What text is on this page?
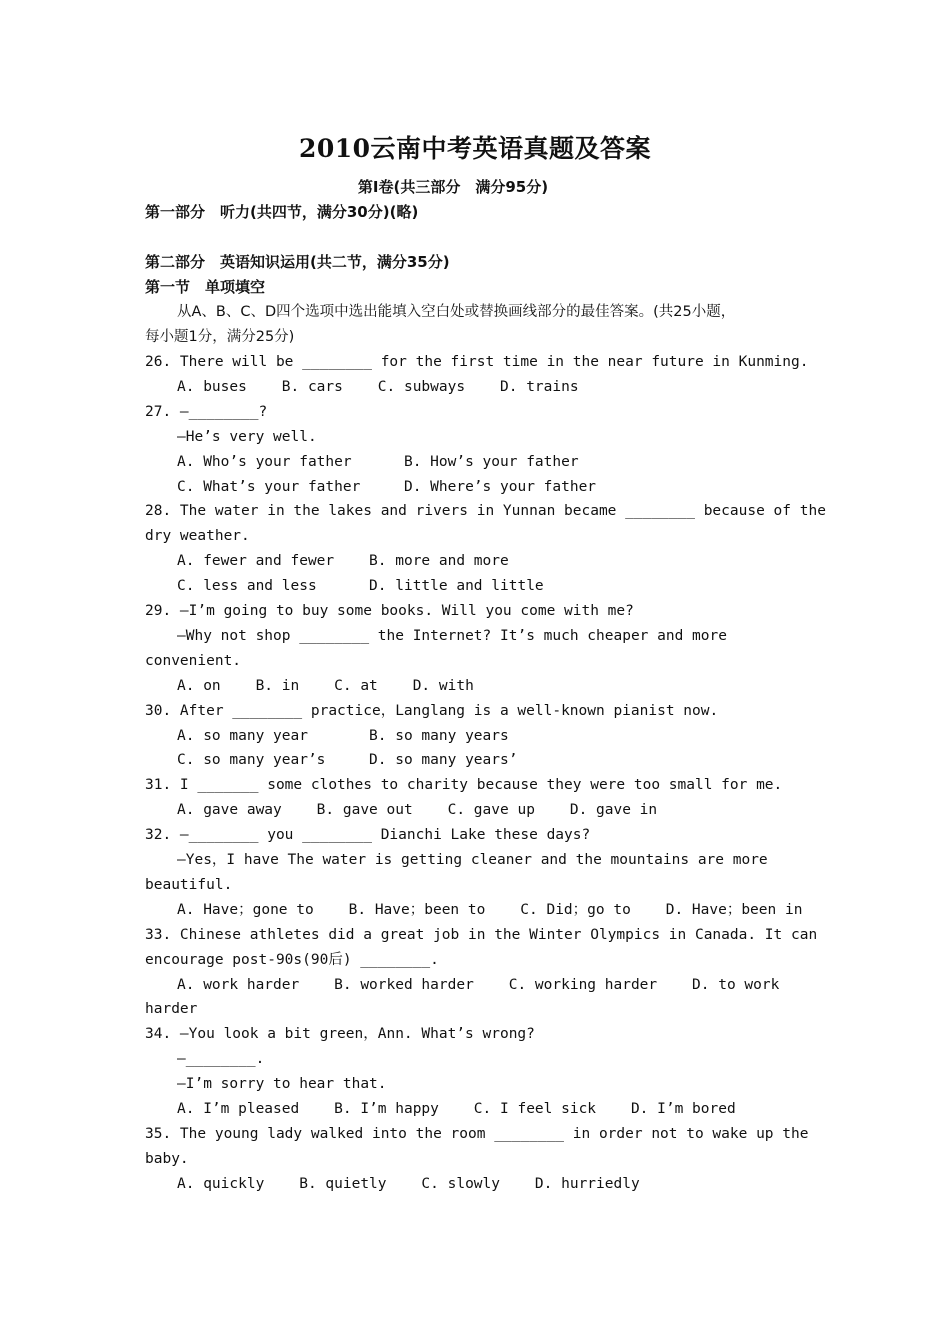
2010云南中考英语真题及答案
第Ⅰ卷(共三部分　满分95分)
第一部分　听力(共四节，满分30分)(略)
第二部分　英语知识运用(共二节，满分35分)
第一节　单项填空
从A、B、C、D四个选项中选出能填入空白处或替换画线部分的最佳答案。(共25小题，
每小题1分，满分25分)
26. There will be ________ for the first time in the near future in Kunming.
A. buses    B. cars    C. subways    D. trains
27. —________?
—He’s very well.
A. Who’s your father      B. How’s your father
C. What’s your father     D. Where’s your father
28. The water in the lakes and rivers in Yunnan became ________ because of the
dry weather.
A. fewer and fewer    B. more and more
C. less and less      D. little and little
29. —I’m going to buy some books. Will you come with me?
—Why not shop ________ the Internet? It’s much cheaper and more
convenient.
A. on    B. in    C. at    D. with
30. After ________ practice，Langlang is a well-known pianist now.
A. so many year       B. so many years
C. so many year’s     D. so many years’
31. I _______ some clothes to charity because they were too small for me.
A. gave away    B. gave out    C. gave up    D. gave in
32. —________ you ________ Dianchi Lake these days?
—Yes，I have The water is getting cleaner and the mountains are more
beautiful.
A. Have；gone to    B. Have；been to    C. Did；go to    D. Have；been in
33. Chinese athletes did a great job in the Winter Olympics in Canada. It can
encourage post-90s(90后) ________.
A. work harder    B. worked harder    C. working harder    D. to work
harder
34. —You look a bit green，Ann. What’s wrong?
—________.
—I’m sorry to hear that.
A. I’m pleased    B. I’m happy    C. I feel sick    D. I’m bored
35. The young lady walked into the room ________ in order not to wake up the
baby.
A. quickly    B. quietly    C. slowly    D. hurriedly
